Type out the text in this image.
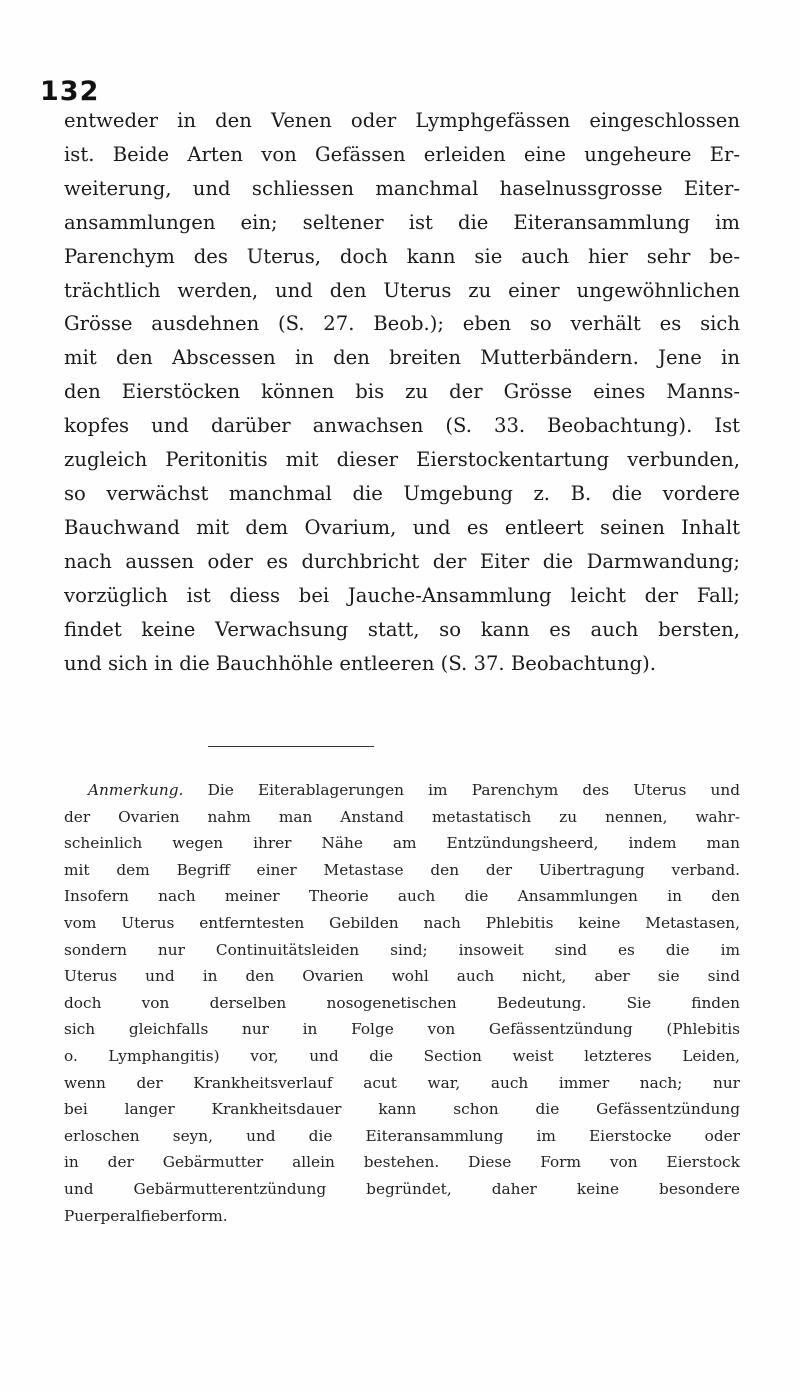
132
entweder in den Venen oder Lymphgefässen eingeschlossen
ist. Beide Arten von Gefässen erleiden eine ungeheure Er-
weiterung, und schliessen manchmal haselnussgrosse Eiter-
ansammlungen ein; seltener ist die Eiteransammlung im
Parenchym des Uterus, doch kann sie auch hier sehr be-
trächtlich werden, und den Uterus zu einer ungewöhnlichen
Grösse ausdehnen (S. 27. Beob.); eben so verhält es sich
mit den Abscessen in den breiten Mutterbändern. Jene in
den Eierstöcken können bis zu der Grösse eines Manns-
kopfes und darüber anwachsen (S. 33. Beobachtung). Ist
zugleich Peritonitis mit dieser Eierstockentartung verbunden,
so verwächst manchmal die Umgebung z. B. die vordere
Bauchwand mit dem Ovarium, und es entleert seinen Inhalt
nach aussen oder es durchbricht der Eiter die Darmwandung;
vorzüglich ist diess bei Jauche-Ansammlung leicht der Fall;
findet keine Verwachsung statt, so kann es auch bersten,
und sich in die Bauchhöhle entleeren (S. 37. Beobachtung).
Anmerkung. Die Eiterablagerungen im Parenchym des Uterus und
der Ovarien nahm man Anstand metastatisch zu nennen, wahr-
scheinlich wegen ihrer Nähe am Entzündungsheerd, indem man
mit dem Begriff einer Metastase den der Uibertragung verband.
Insofern nach meiner Theorie auch die Ansammlungen in den
vom Uterus entferntesten Gebilden nach Phlebitis keine Metastasen,
sondern nur Continuitätsleiden sind; insoweit sind es die im
Uterus und in den Ovarien wohl auch nicht, aber sie sind
doch von derselben nosogenetischen Bedeutung. Sie finden
sich gleichfalls nur in Folge von Gefässentzündung (Phlebitis
o. Lymphangitis) vor, und die Section weist letzteres Leiden,
wenn der Krankheitsverlauf acut war, auch immer nach; nur
bei langer Krankheitsdauer kann schon die Gefässentzündung
erloschen seyn, und die Eiteransammlung im Eierstocke oder
in der Gebärmutter allein bestehen. Diese Form von Eierstock
und Gebärmutterentzündung begründet, daher keine besondere
Puerperalfieberform.
